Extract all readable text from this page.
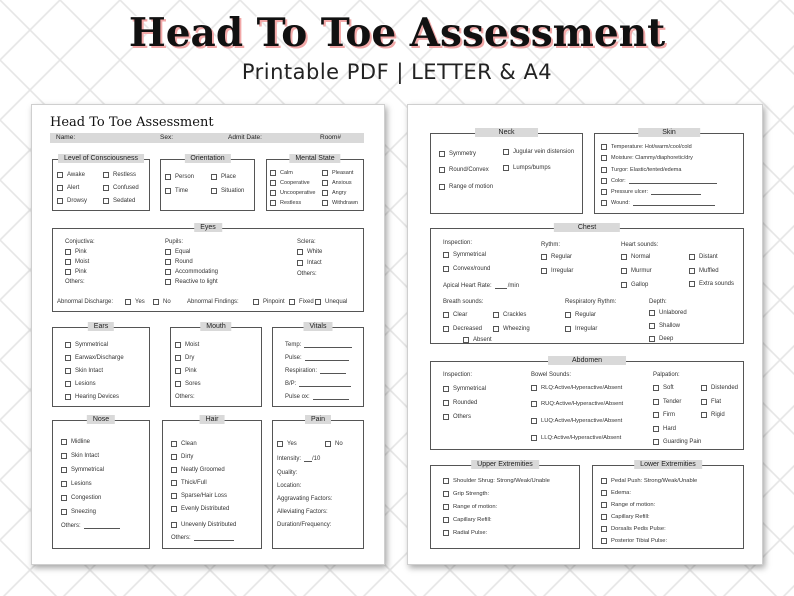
Head To Toe Assessment
Printable PDF | LETTER & A4
Head To Toe Assessment
Name:	Sex:	Admit Date:	Room#
Level of Consciousness
Awake
Alert
Drowsy
Restless
Confused
Sedated
Orientation
Person
Time
Place
Situation
Mental State
Calm
Cooperative
Uncooperative
Restless
Pleasant
Anxious
Angry
Withdrawn
Eyes
Conjuctiva:
Pink
Moist
Pink
Others:
Pupils:
Equal
Round
Accommodating
Reactive to light
Sclera:
White
Intact
Others:
Abnormal Discharge:	Yes	No	Abnormal Findings:	Pinpoint Fixed Unequal
Ears
Symmetrical
Earwax/Discharge
Skin Intact
Lesions
Hearing Devices
Mouth
Moist
Dry
Pink
Sores
Others:
Vitals
Temp:
Pulse:
Respiration:
B/P:
Pulse ox:
Nose
Midline
Skin Intact
Symmetrical
Lesions
Congestion
Sneezing
Others:
Hair
Clean
Dirty
Neatly Groomed
Thick/Full
Sparse/Hair Loss
Evenly Distributed
Unevenly Distributed
Others:
Pain
Yes	No
Intensity: /10
Quality:
Location:
Aggravating Factors:
Alleviating Factors:
Duration/Frequency:
Neck
Symmetry
Round/Convex
Range of motion
Jugular vein distension
Lumps/bumps
Skin
Temperature: Hot/warm/cool/cold
Moisture: Clammy/diaphoretic/dry
Turgor: Elastic/tented/edema
Color:
Pressure ulcer:
Wound:
Chest
Inspection:
Symmetrical
Convex/round
Rythm:
Regular
Irregular
Heart sounds:
Normal
Murmur
Gallop
Distant
Muffled
Extra sounds
Apical Heart Rate:	/min
Breath sounds:
Clear
Decreased
Crackles
Wheezing
Absent
Respiratory Rythm:
Regular
Irregular
Depth:
Unlabored
Shallow
Deep
Abdomen
Inspection:
Symmetrical
Rounded
Others
Bowel Sounds:
RLQ:Active/Hyperactive/Absent
RUQ:Active/Hyperactive/Absent
LUQ:Active/Hyperactive/Absent
LLQ:Active/Hyperactive/Absent
Palpation:
Soft
Tender
Firm
Hard
Guarding Pain
Distended
Flat
Rigid
Upper Extremities
Shoulder Shrug: Strong/Weak/Unable
Grip Strength:
Range of motion:
Capillary Refill:
Radial Pulse:
Lower Extremities
Pedal Push: Strong/Weak/Unable
Edema:
Range of motion:
Capillary Refill:
Dorsalis Pedis Pulse:
Posterior Tibial Pulse:
